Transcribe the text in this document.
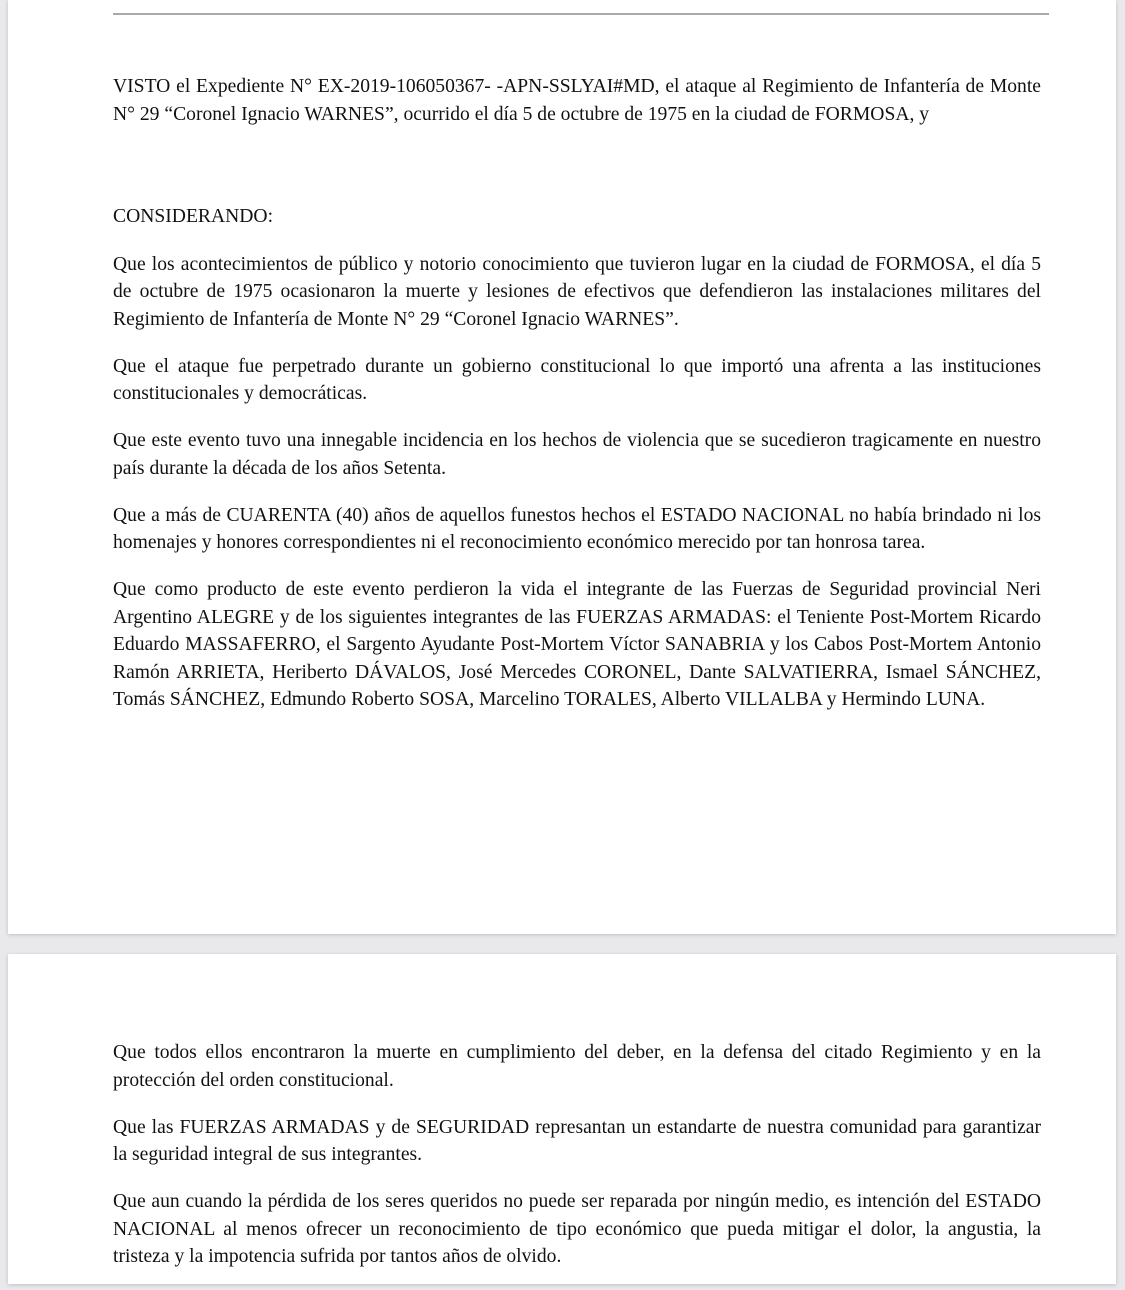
VISTO el Expediente N° EX-2019-106050367- -APN-SSLYAI#MD, el ataque al Regimiento de Infantería de Monte N° 29 “Coronel Ignacio WARNES”, ocurrido el día 5 de octubre de 1975 en la ciudad de FORMOSA, y

CONSIDERANDO:

Que los acontecimientos de público y notorio conocimiento que tuvieron lugar en la ciudad de FORMOSA, el día 5 de octubre de 1975 ocasionaron la muerte y lesiones de efectivos que defendieron las instalaciones militares del Regimiento de Infantería de Monte N° 29 “Coronel Ignacio WARNES”.

Que el ataque fue perpetrado durante un gobierno constitucional lo que importó una afrenta a las instituciones constitucionales y democráticas.

Que este evento tuvo una innegable incidencia en los hechos de violencia que se sucedieron tragicamente en nuestro país durante la década de los años Setenta.

Que a más de CUARENTA (40) años de aquellos funestos hechos el ESTADO NACIONAL no había brindado ni los homenajes y honores correspondientes ni el reconocimiento económico merecido por tan honrosa tarea.

Que como producto de este evento perdieron la vida el integrante de las Fuerzas de Seguridad provincial Neri Argentino ALEGRE y de los siguientes integrantes de las FUERZAS ARMADAS: el Teniente Post-Mortem Ricardo Eduardo MASSAFERRO, el Sargento Ayudante Post-Mortem Víctor SANABRIA y los Cabos Post-Mortem Antonio Ramón ARRIETA, Heriberto DÁVALOS, José Mercedes CORONEL, Dante SALVATIERRA, Ismael SÁNCHEZ, Tomás SÁNCHEZ, Edmundo Roberto SOSA, Marcelino TORALES, Alberto VILLALBA y Hermindo LUNA.

Que todos ellos encontraron la muerte en cumplimiento del deber, en la defensa del citado Regimiento y en la protección del orden constitucional.

Que las FUERZAS ARMADAS y de SEGURIDAD represantan un estandarte de nuestra comunidad para garantizar la seguridad integral de sus integrantes.

Que aun cuando la pérdida de los seres queridos no puede ser reparada por ningún medio, es intención del ESTADO NACIONAL al menos ofrecer un reconocimiento de tipo económico que pueda mitigar el dolor, la angustia, la tristeza y la impotencia sufrida por tantos años de olvido.
